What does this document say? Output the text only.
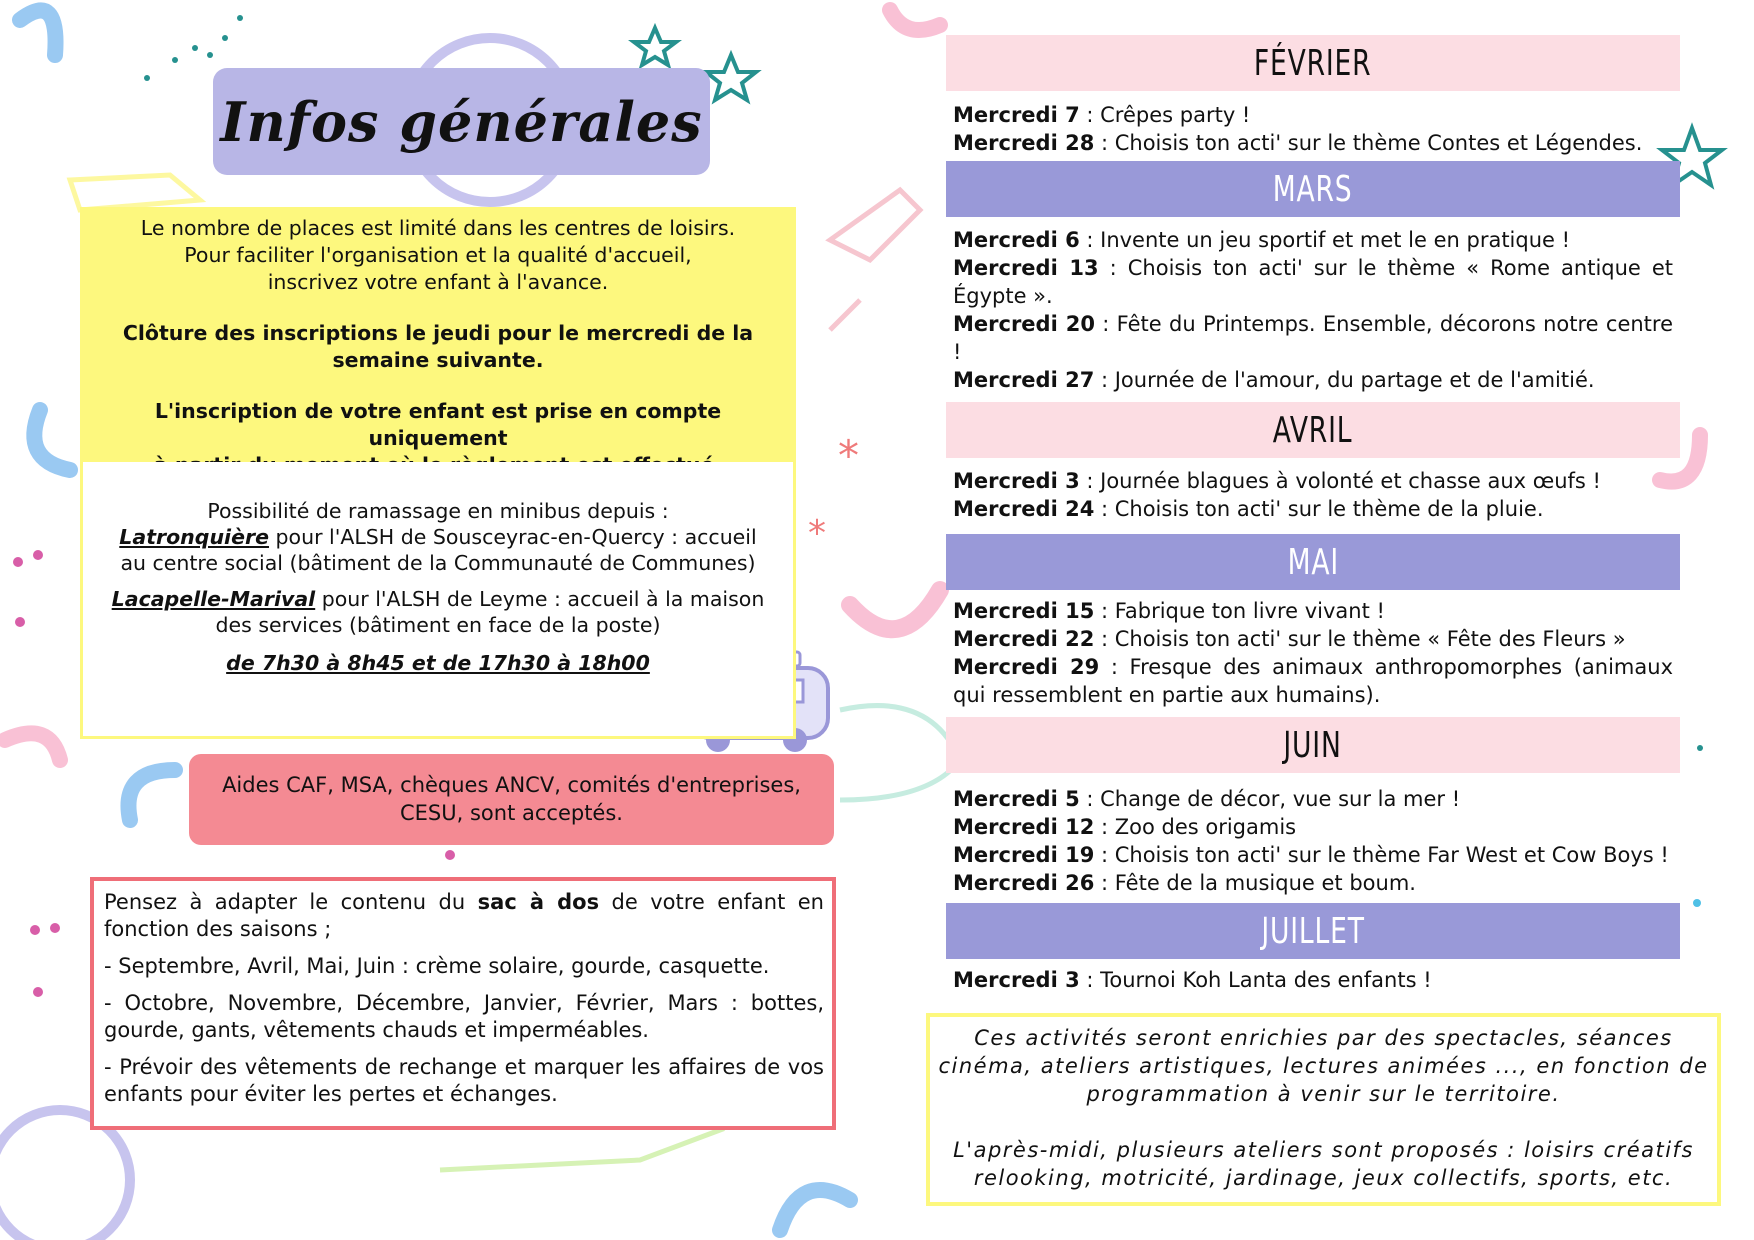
*
*
Infos générales

Le nombre de places est limité dans les centres de loisirs.

Pour faciliter l'organisation et la qualité d'accueil,

inscrivez votre enfant à l'avance.

Clôture des inscriptions le jeudi pour le mercredi de la

semaine suivante.

L'inscription de votre enfant est prise en compte uniquement

Possibilité de ramassage en minibus depuis :

Latronquière pour l'ALSH de Sousceyrac-en-Quercy : accueil au centre social (bâtiment de la Communauté de Communes)

Lacapelle-Marival pour l'ALSH de Leyme : accueil à la maison des services (bâtiment en face de la poste)

de 7h30 à 8h45 et de 17h30 à 18h00

Aides CAF, MSA, chèques ANCV, comités d'entreprises, CESU, sont acceptés.

Pensez à adapter le contenu du sac à dos de votre enfant en fonction des saisons ;

- Septembre, Avril, Mai, Juin : crème solaire, gourde, casquette.

- Octobre, Novembre, Décembre, Janvier, Février, Mars : bottes, gourde, gants, vêtements chauds et imperméables.

- Prévoir des vêtements de rechange et marquer les affaires de vos enfants pour éviter les pertes et échanges.

FÉVRIER

Mercredi 7 : Crêpes party !

Mercredi 28 : Choisis ton acti' sur le thème Contes et Légendes.

MARS

Mercredi 6 : Invente un jeu sportif et met le en pratique !

Mercredi 13 : Choisis ton acti' sur le thème « Rome antique et Égypte ».

Mercredi 20 : Fête du Printemps. Ensemble, décorons notre centre !

Mercredi 27 : Journée de l'amour, du partage et de l'amitié.

AVRIL

Mercredi 3 : Journée blagues à volonté et chasse aux œufs !

Mercredi 24 : Choisis ton acti' sur le thème de la pluie.

MAI

Mercredi 15 : Fabrique ton livre vivant !

Mercredi 22 : Choisis ton acti' sur le thème « Fête des Fleurs »

Mercredi 29 : Fresque des animaux anthropomorphes (animaux qui ressemblent en partie aux humains).

JUIN

Mercredi 5 : Change de décor, vue sur la mer !

Mercredi 12 : Zoo des origamis

Mercredi 19 : Choisis ton acti' sur le thème Far West et Cow Boys !

Mercredi 26 : Fête de la musique et boum.

JUILLET

Mercredi 3 : Tournoi Koh Lanta des enfants !

Ces activités seront enrichies par des spectacles, séances cinéma, ateliers artistiques, lectures animées ..., en fonction de programmation à venir sur le territoire.

L'après-midi, plusieurs ateliers sont proposés : loisirs créatifs relooking, motricité, jardinage, jeux collectifs, sports, etc.
